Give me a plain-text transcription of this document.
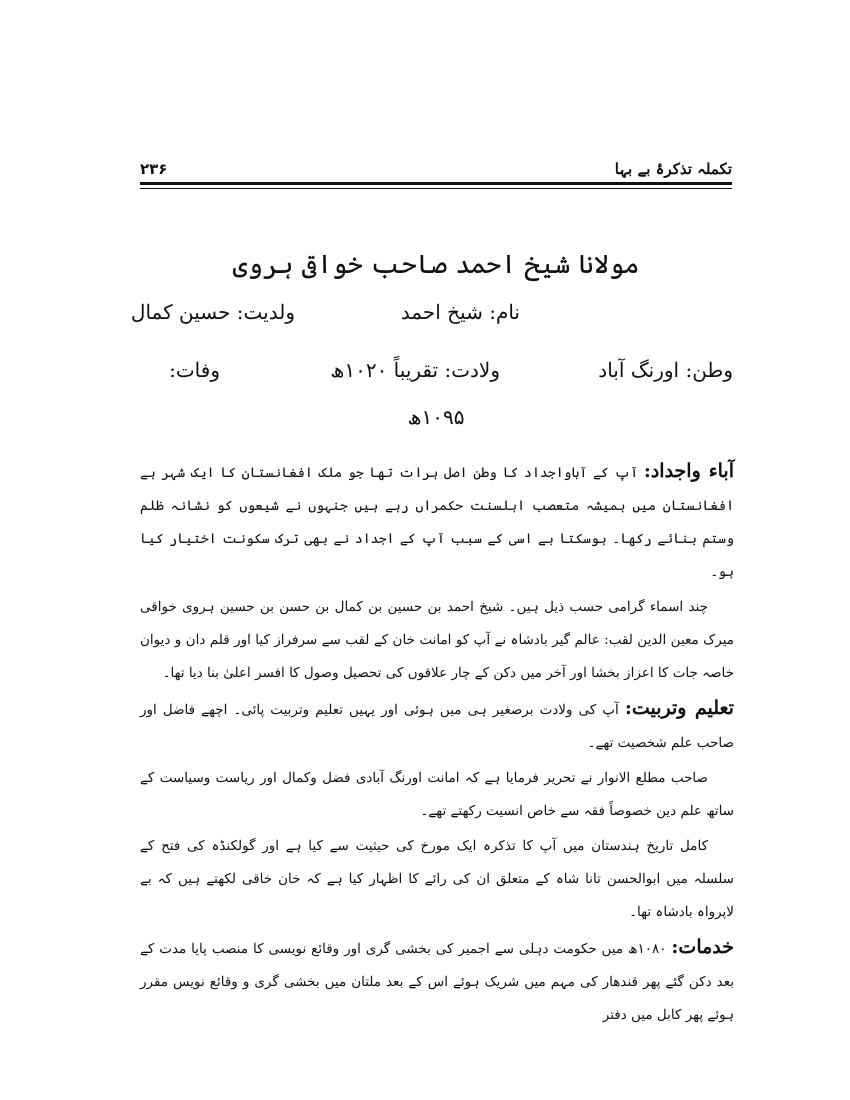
تکملہ تذکرۂ بے بہا
۲۳۶
مولانا شیخ احمد صاحب خواقی ہروی
نام: شیخ احمد
ولدیت: حسین کمال
وطن: اورنگ آباد
ولادت: تقریباً ۱۰۲۰ھ
وفات:
۱۰۹۵ھ

آباء واجداد: آپ کے آباواجداد کا وطن اصل ہرات تھا جو ملک افغانستان کا ایک شہر ہے افغانستان میں ہمیشہ متعصب اہلسنت حکمراں رہے ہیں جنہوں نے شیعوں کو نشانہ ظلم وستم بنائے رکھا۔ ہوسکتا ہے اسی کے سبب آپ کے اجداد نے بھی ترک سکونت اختیار کیا ہو۔

چند اسماء گرامی حسب ذیل ہیں۔ شیخ احمد بن حسین بن کمال بن حسن بن حسین ہروی خواقی میرک معین الدین لقب: عالم گیر بادشاہ نے آپ کو امانت خان کے لقب سے سرفراز کیا اور قلم دان و دیوان خاصہ جات کا اعزاز بخشا اور آخر میں دکن کے چار علاقوں کی تحصیل وصول کا افسر اعلیٰ بنا دیا تھا۔

تعلیم وتربیت: آپ کی ولادت برصغیر ہی میں ہوئی اور یہیں تعلیم وتربیت پائی۔ اچھے فاضل اور صاحب علم شخصیت تھے۔

صاحب مطلع الانوار نے تحریر فرمایا ہے کہ امانت اورنگ آبادی فضل وکمال اور ریاست وسیاست کے ساتھ علم دین خصوصاً فقہ سے خاص انسیت رکھتے تھے۔

کامل تاریخ ہندستان میں آپ کا تذکرہ ایک مورخ کی حیثیت سے کیا ہے اور گولکنڈہ کی فتح کے سلسلہ میں ابوالحسن تانا شاہ کے متعلق ان کی رائے کا اظہار کیا ہے کہ خان خاقی لکھتے ہیں کہ بے لاپرواہ بادشاہ تھا۔

خدمات: ۱۰۸۰ھ میں حکومت دہلی سے اجمیر کی بخشی گری اور وقائع نویسی کا منصب پایا مدت کے بعد دکن گئے پھر قندھار کی مہم میں شریک ہوئے اس کے بعد ملتان میں بخشی گری و وقائع نویس مقرر ہوئے پھر کابل میں دفتر
